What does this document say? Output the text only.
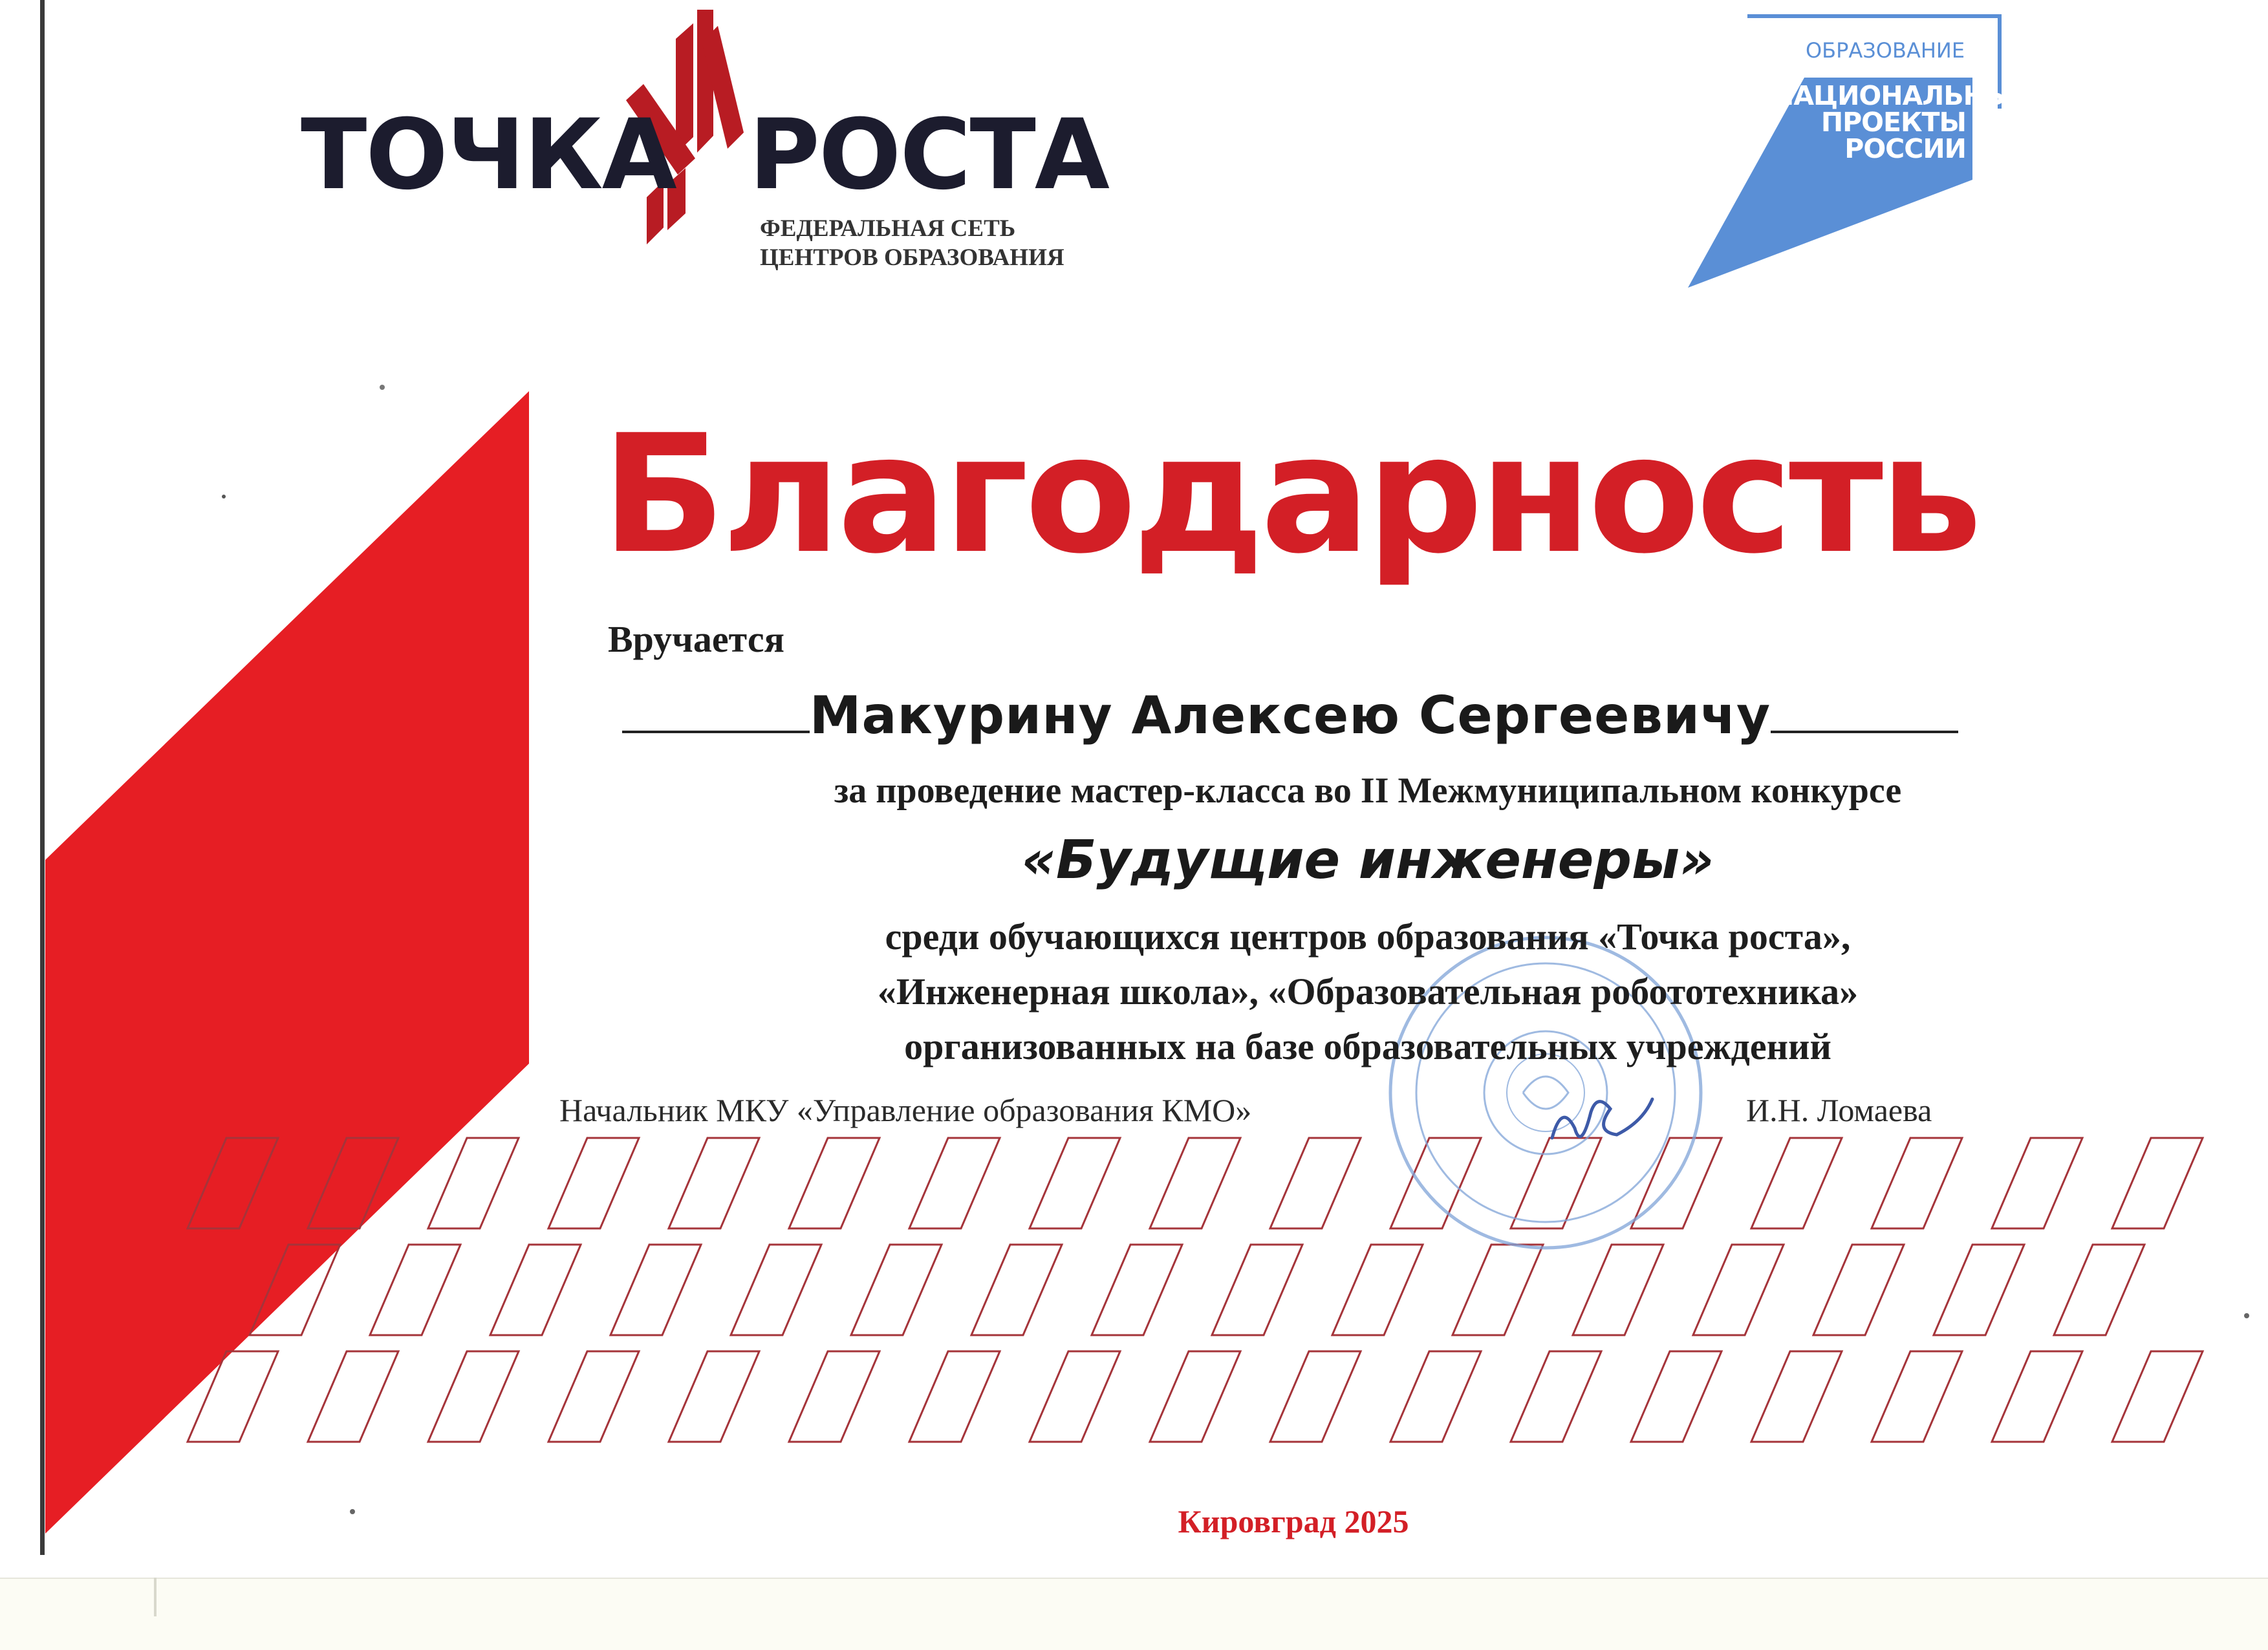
ТОЧКА РОСТА
ФЕДЕРАЛЬНАЯ СЕТЬ
ЦЕНТРОВ ОБРАЗОВАНИЯ
ОБРАЗОВАНИЕ
НАЦИОНАЛЬНЫЕ
ПРОЕКТЫ
РОССИИ
Благодарность
Вручается
Макурину Алексею Сергеевичу
за проведение мастер-класса во II Межмуниципальном конкурсе
«Будущие инженеры»
среди обучающихся центров образования «Точка роста»,
«Инженерная школа», «Образовательная робототехника»
организованных на базе образовательных учреждений
Начальник МКУ «Управление образования КМО»	И.Н. Ломаева
Кировград 2025
